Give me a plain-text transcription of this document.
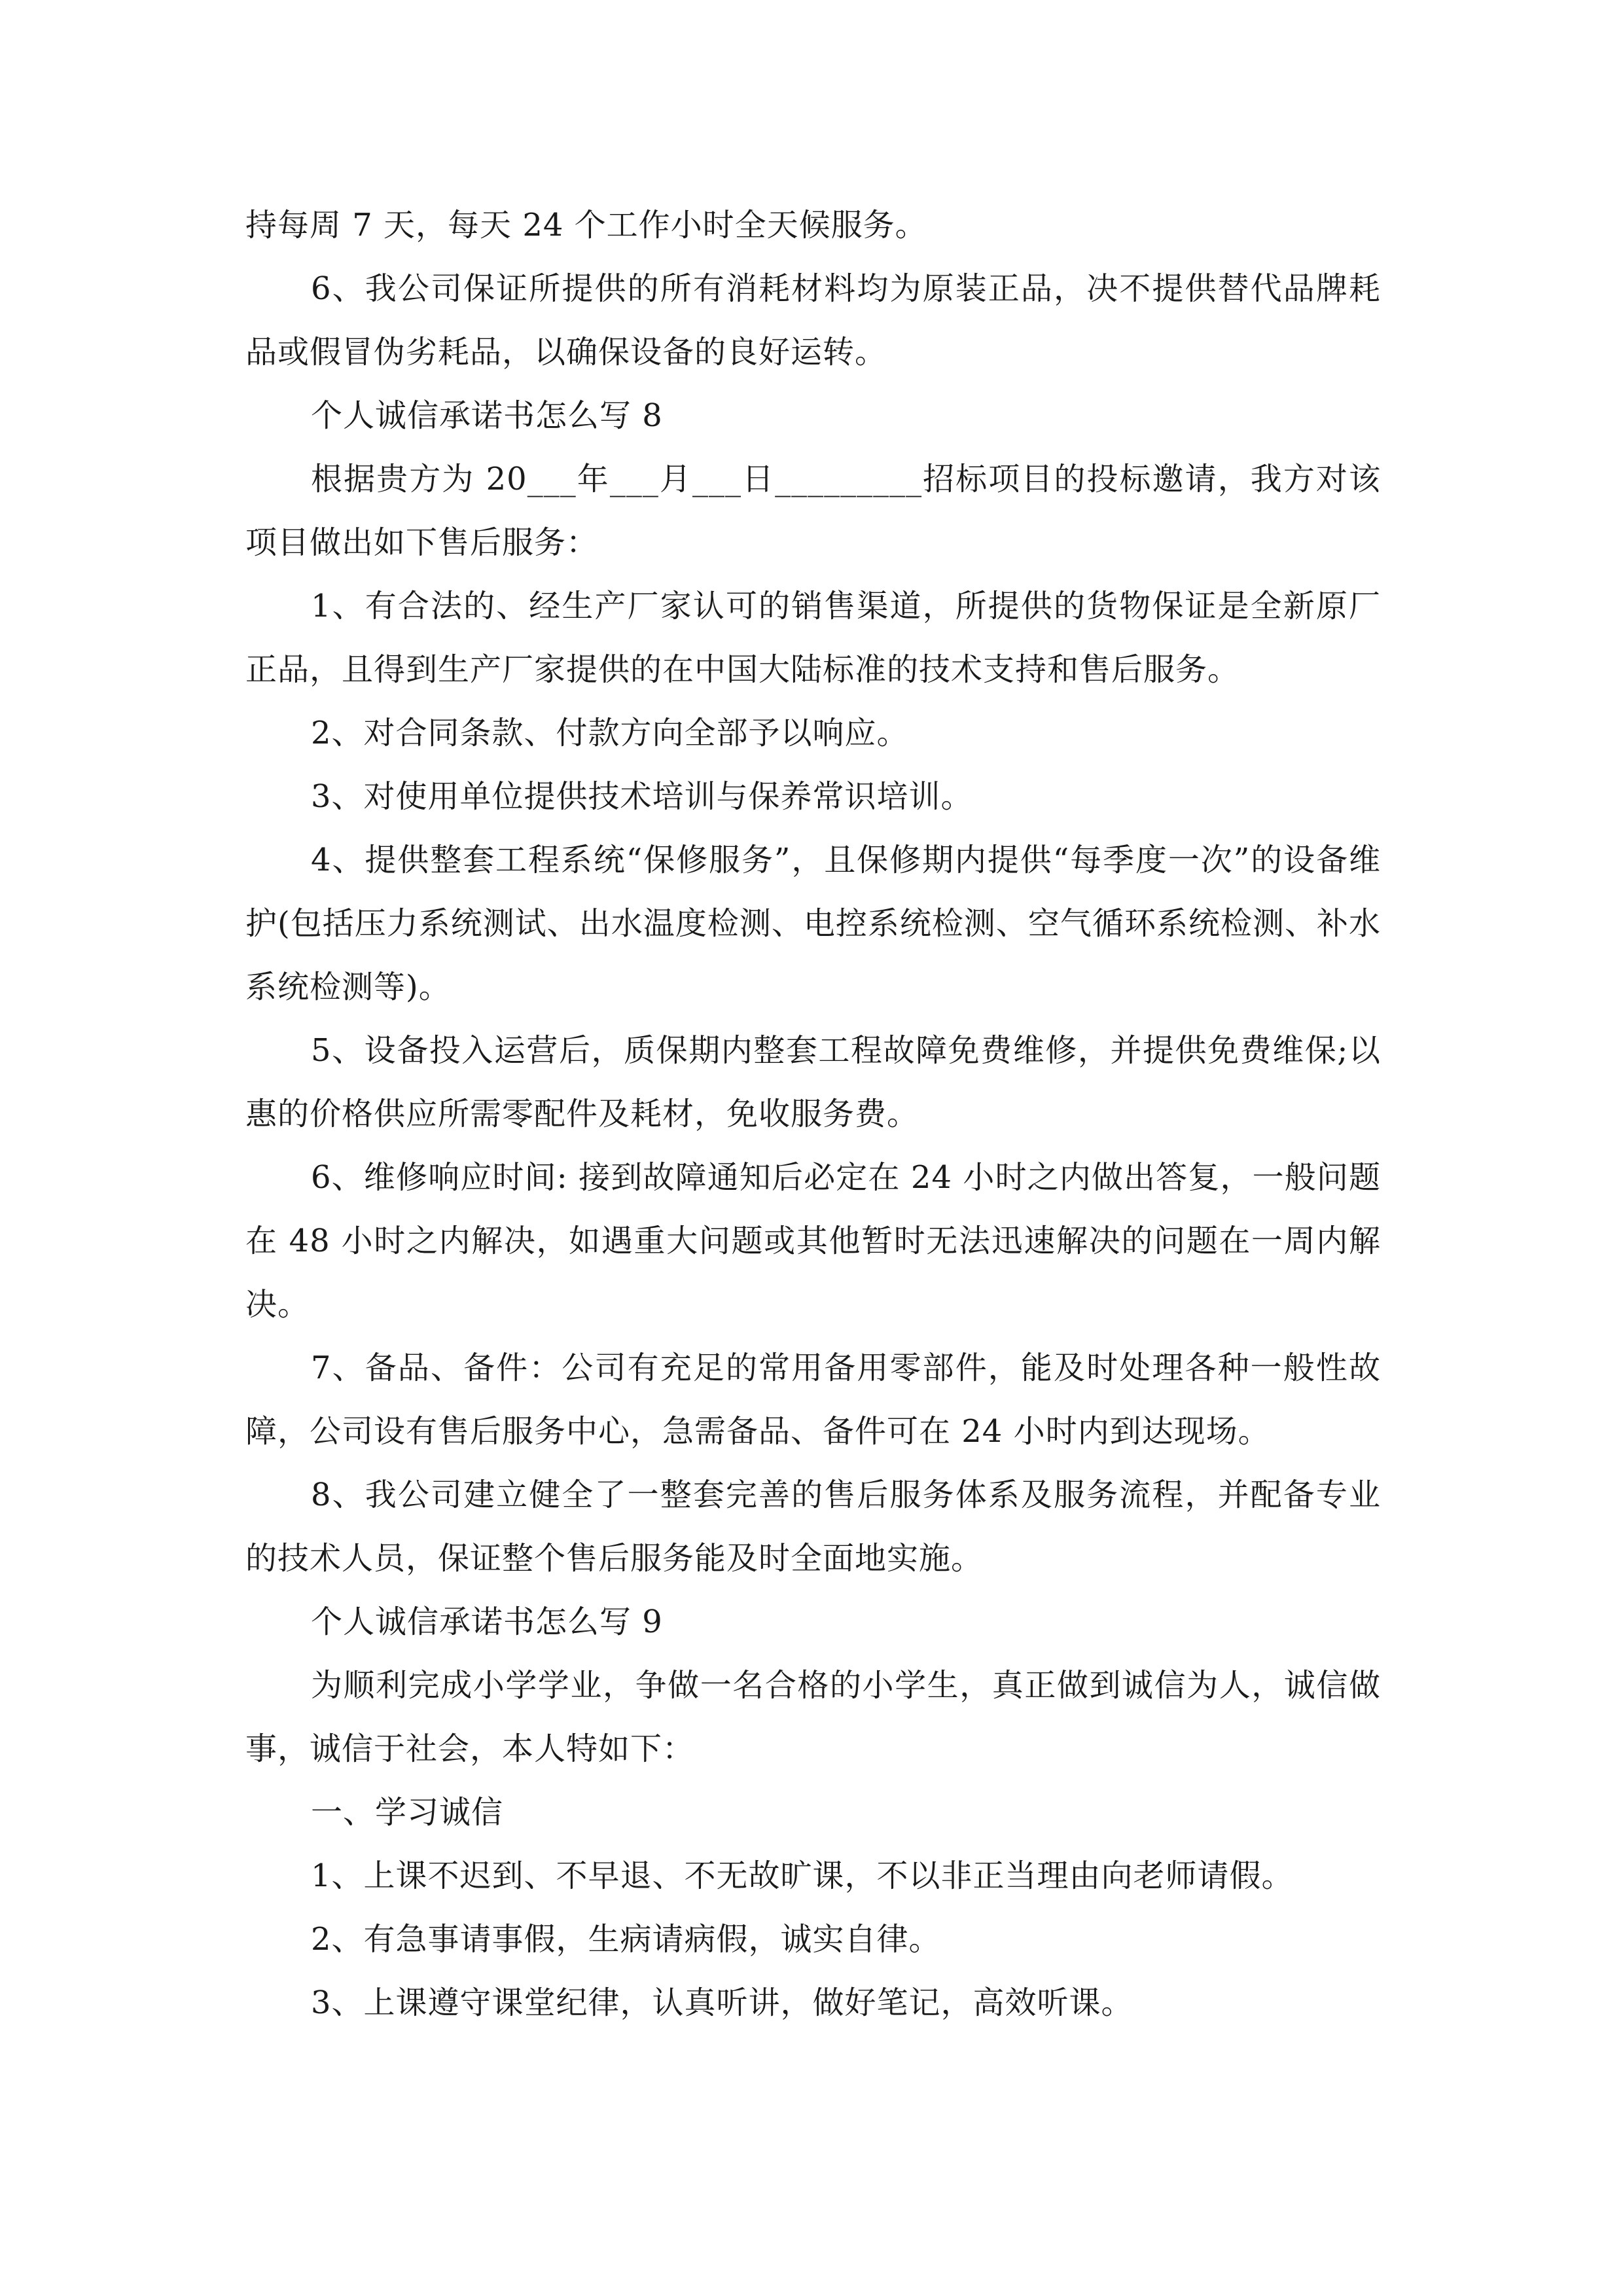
持每周 7 天，每天 24 个工作小时全天候服务。

6、我公司保证所提供的所有消耗材料均为原装正品，决不提供替代品牌耗品或假冒伪劣耗品，以确保设备的良好运转。

个人诚信承诺书怎么写 8

根据贵方为 20___年___月___日_________招标项目的投标邀请，我方对该项目做出如下售后服务：

1、有合法的、经生产厂家认可的销售渠道，所提供的货物保证是全新原厂正品，且得到生产厂家提供的在中国大陆标准的技术支持和售后服务。

2、对合同条款、付款方向全部予以响应。

3、对使用单位提供技术培训与保养常识培训。

4、提供整套工程系统“保修服务”，且保修期内提供“每季度一次”的设备维护(包括压力系统测试、出水温度检测、电控系统检测、空气循环系统检测、补水系统检测等)。

5、设备投入运营后，质保期内整套工程故障免费维修，并提供免费维保;以惠的价格供应所需零配件及耗材，免收服务费。

6、维修响应时间: 接到故障通知后必定在 24 小时之内做出答复，一般问题在 48 小时之内解决，如遇重大问题或其他暂时无法迅速解决的问题在一周内解决。

7、备品、备件：公司有充足的常用备用零部件，能及时处理各种一般性故障，公司设有售后服务中心，急需备品、备件可在 24 小时内到达现场。

8、我公司建立健全了一整套完善的售后服务体系及服务流程，并配备专业的技术人员，保证整个售后服务能及时全面地实施。

个人诚信承诺书怎么写 9

为顺利完成小学学业，争做一名合格的小学生，真正做到诚信为人，诚信做事，诚信于社会，本人特如下：

一、学习诚信

1、上课不迟到、不早退、不无故旷课，不以非正当理由向老师请假。

2、有急事请事假，生病请病假，诚实自律。

3、上课遵守课堂纪律，认真听讲，做好笔记，高效听课。
